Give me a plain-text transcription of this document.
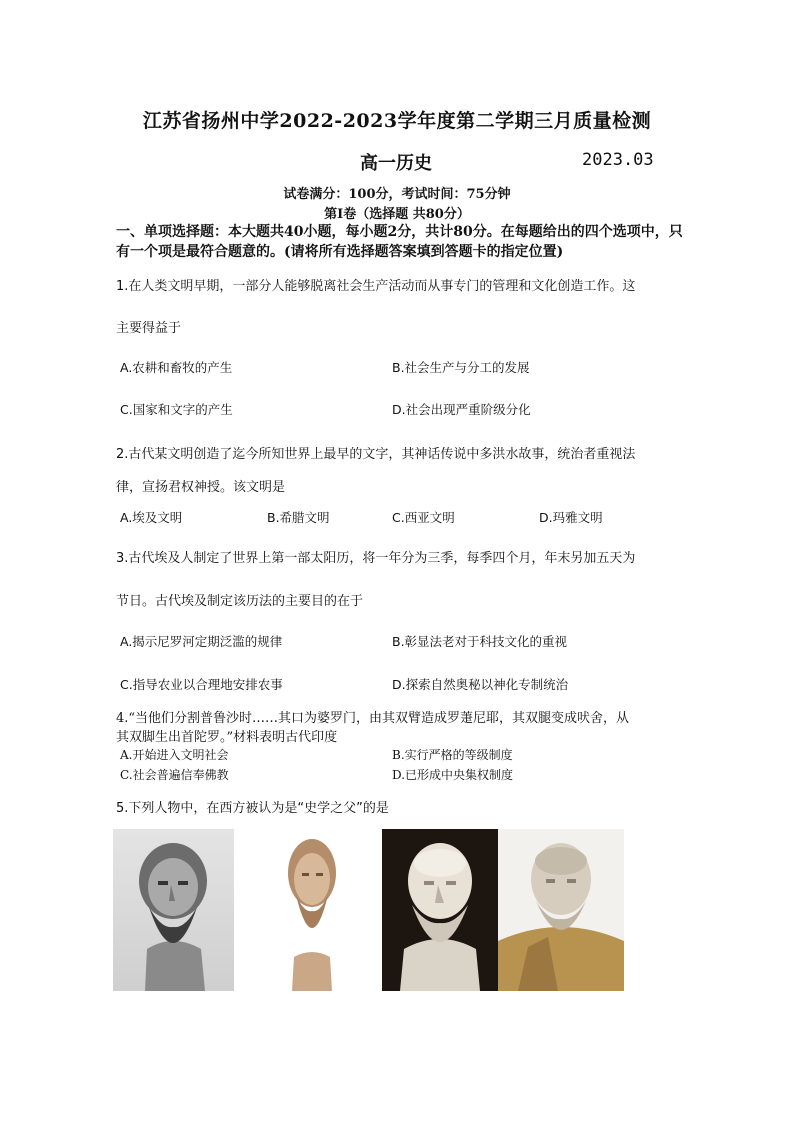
江苏省扬州中学2022-2023学年度第二学期三月质量检测
高一历史	2023.03
试卷满分：100分，考试时间：75分钟
第Ⅰ卷（选择题 共80分）
一、单项选择题：本大题共40小题，每小题2分，共计80分。在每题给出的四个选项中，只有一个项是最符合题意的。(请将所有选择题答案填到答题卡的指定位置)
1.在人类文明早期，一部分人能够脱离社会生产活动而从事专门的管理和文化创造工作。这
主要得益于
A.农耕和畜牧的产生	B.社会生产与分工的发展
C.国家和文字的产生	D.社会出现严重阶级分化
2.古代某文明创造了迄今所知世界上最早的文字，其神话传说中多洪水故事，统治者重视法
律，宣扬君权神授。该文明是
A.埃及文明	B.希腊文明	C.西亚文明	D.玛雅文明
3.古代埃及人制定了世界上第一部太阳历，将一年分为三季，每季四个月，年末另加五天为
节日。古代埃及制定该历法的主要目的在于
A.揭示尼罗河定期泛滥的规律	B.彰显法老对于科技文化的重视
C.指导农业以合理地安排农事	D.探索自然奥秘以神化专制统治
4.“当他们分割普鲁沙时……其口为婆罗门，由其双臂造成罗萐尼耶，其双腿变成吠舍，从
其双脚生出首陀罗。”材料表明古代印度
A.开始进入文明社会	B.实行严格的等级制度
C.社会普遍信奉佛教	D.已形成中央集权制度
5.下列人物中，在西方被认为是“史学之父”的是
